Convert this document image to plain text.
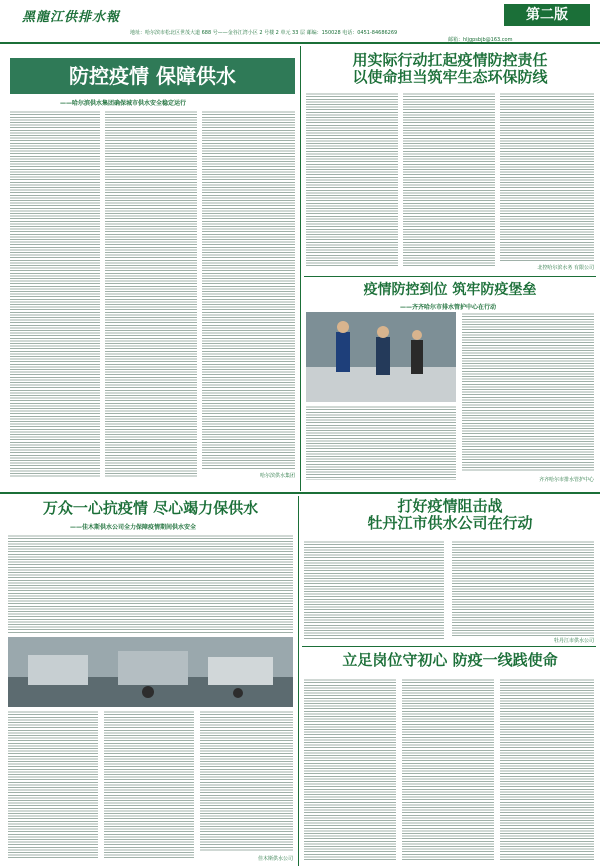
黑龍江供排水報	第二版
地址：哈尔滨市松北区世茂大道 688 号——金谷江湾小区 2 号楼 2 单元 33 层 邮编：150028 电话：0451-84686269
邮箱：hljgpsbjb@163.com
防控疫情 保障供水
——哈尔滨供水集团确保城市供水安全稳定运行
哈尔滨供水集团
用实际行动扛起疫情防控责任
以使命担当筑牢生态环保防线
北控哈尔滨水务 有限公司
疫情防控到位 筑牢防疫堡垒
——齐齐哈尔市排水管护中心在行动
齐齐哈尔市排水管护中心
万众一心抗疫情 尽心竭力保供水
——佳木斯供水公司全力保障疫情期间供水安全
佳木斯供水公司
打好疫情阻击战
牡丹江市供水公司在行动
牡丹江市供水公司
立足岗位守初心 防疫一线践使命
